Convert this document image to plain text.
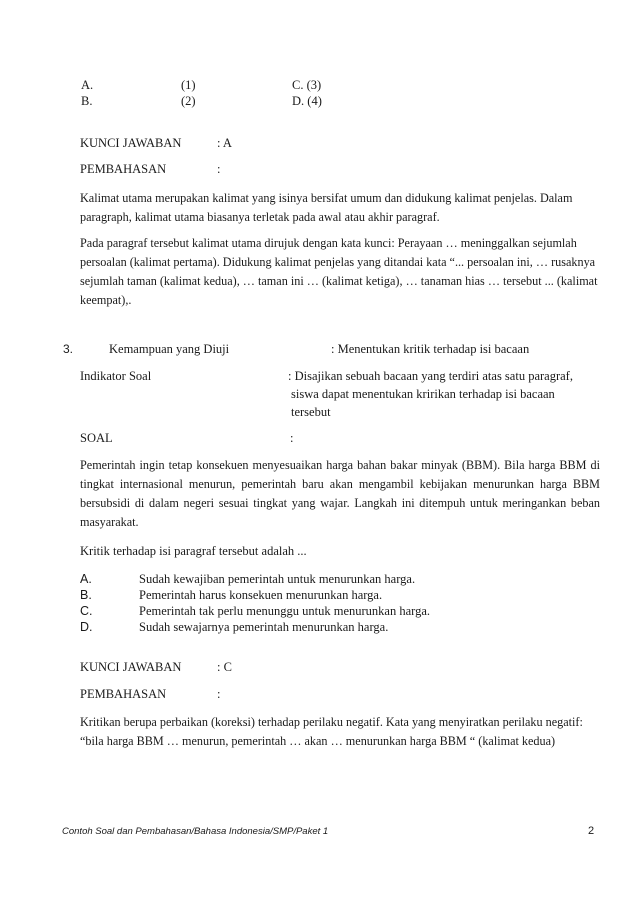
A.	(1)	C. (3)
B.	(2)	D. (4)
KUNCI JAWABAN	: A
PEMBAHASAN	:
Kalimat utama merupakan kalimat yang isinya bersifat umum dan didukung kalimat penjelas. Dalam paragraph, kalimat utama biasanya terletak pada awal atau akhir paragraf.
Pada paragraf tersebut kalimat utama dirujuk dengan kata kunci: Perayaan … meninggalkan sejumlah persoalan (kalimat pertama). Didukung kalimat penjelas yang ditandai kata “... persoalan ini, … rusaknya sejumlah taman (kalimat kedua), … taman ini … (kalimat ketiga), … tanaman hias … tersebut ... (kalimat keempat),.
3.	Kemampuan yang Diuji	: Menentukan kritik terhadap isi bacaan
Indikator Soal	: Disajikan sebuah bacaan yang terdiri atas satu paragraf,
siswa dapat menentukan kririkan terhadap isi bacaan
tersebut
SOAL	:
Pemerintah ingin tetap konsekuen menyesuaikan harga bahan bakar minyak (BBM). Bila harga BBM di tingkat internasional menurun, pemerintah baru akan mengambil kebijakan menurunkan harga BBM bersubsidi di dalam negeri sesuai tingkat yang wajar. Langkah ini ditempuh untuk meringankan beban masyarakat.
Kritik terhadap isi paragraf tersebut adalah ...
A.	Sudah kewajiban pemerintah untuk menurunkan harga.
B.	Pemerintah harus konsekuen menurunkan harga.
C.	Pemerintah tak perlu menunggu untuk menurunkan harga.
D.	Sudah sewajarnya pemerintah menurunkan harga.
KUNCI JAWABAN	: C
PEMBAHASAN	:
Kritikan berupa perbaikan (koreksi) terhadap perilaku negatif. Kata yang menyiratkan perilaku negatif: “bila harga BBM … menurun, pemerintah … akan … menurunkan harga BBM “ (kalimat kedua)
Contoh Soal dan Pembahasan/Bahasa Indonesia/SMP/Paket 1	2
